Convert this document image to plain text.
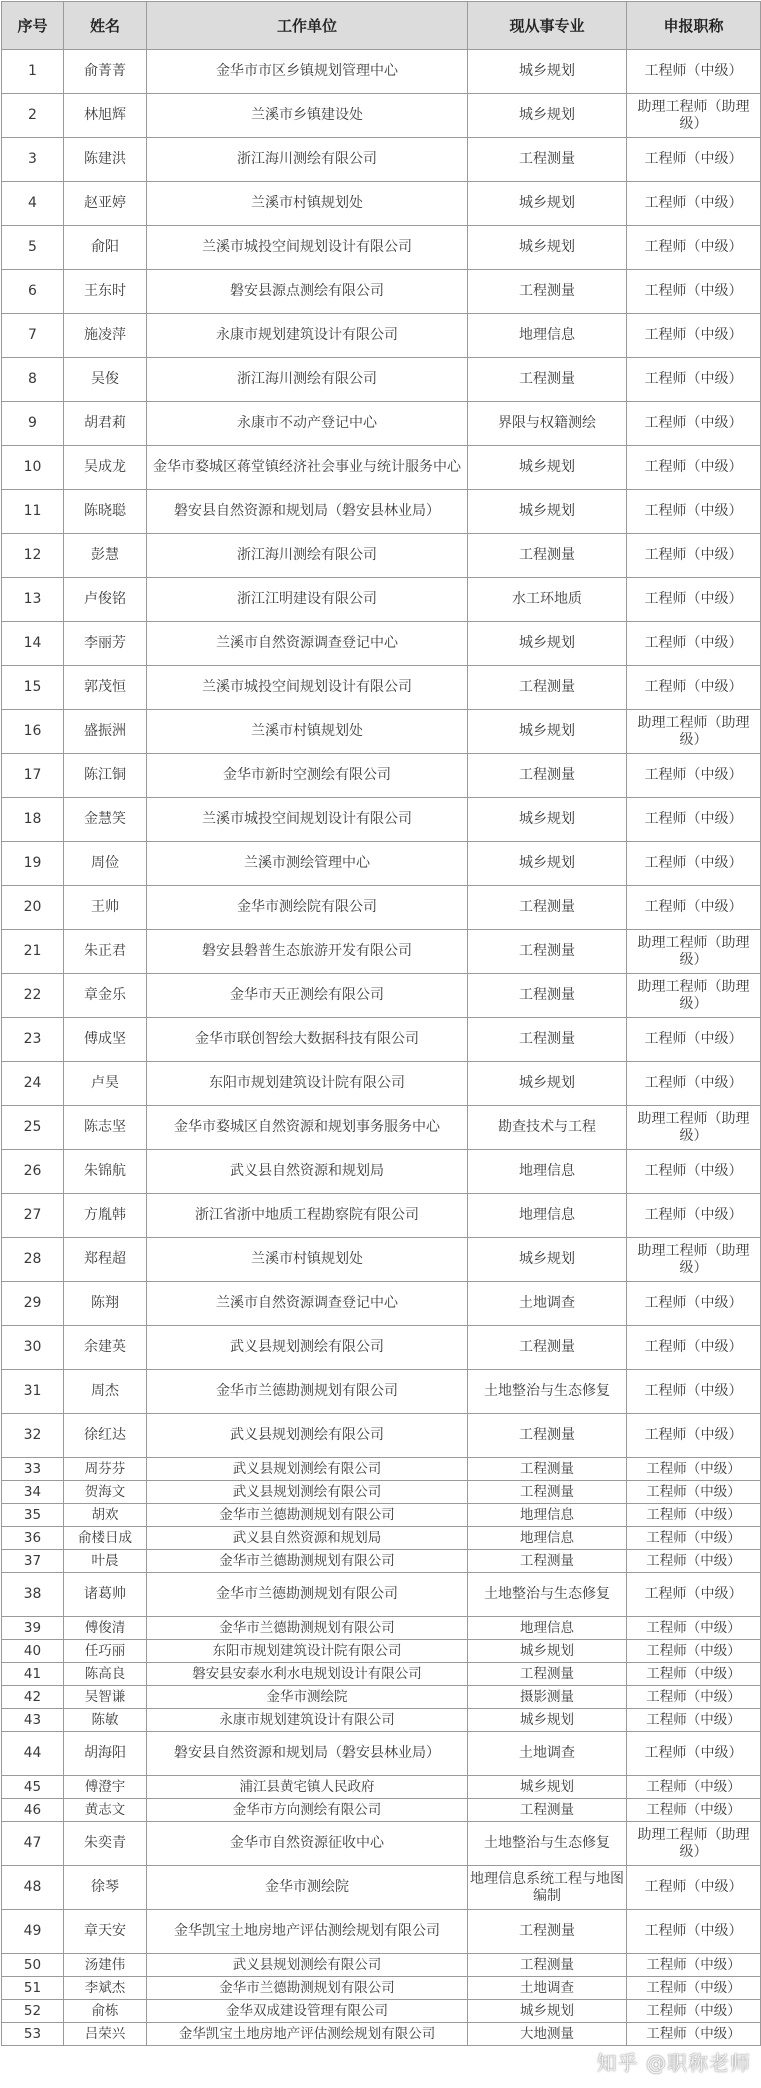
序号	姓名	工作单位	现从事专业	申报职称
1	俞菁菁	金华市市区乡镇规划管理中心	城乡规划	工程师（中级）
2	林旭辉	兰溪市乡镇建设处	城乡规划	助理工程师（助理级）
3	陈建洪	浙江海川测绘有限公司	工程测量	工程师（中级）
4	赵亚婷	兰溪市村镇规划处	城乡规划	工程师（中级）
5	俞阳	兰溪市城投空间规划设计有限公司	城乡规划	工程师（中级）
6	王东时	磐安县源点测绘有限公司	工程测量	工程师（中级）
7	施凌萍	永康市规划建筑设计有限公司	地理信息	工程师（中级）
8	吴俊	浙江海川测绘有限公司	工程测量	工程师（中级）
9	胡君莉	永康市不动产登记中心	界限与权籍测绘	工程师（中级）
10	吴成龙	金华市婺城区蒋堂镇经济社会事业与统计服务中心	城乡规划	工程师（中级）
11	陈晓聪	磐安县自然资源和规划局（磐安县林业局）	城乡规划	工程师（中级）
12	彭慧	浙江海川测绘有限公司	工程测量	工程师（中级）
13	卢俊铭	浙江江明建设有限公司	水工环地质	工程师（中级）
14	李丽芳	兰溪市自然资源调查登记中心	城乡规划	工程师（中级）
15	郭茂恒	兰溪市城投空间规划设计有限公司	工程测量	工程师（中级）
16	盛振洲	兰溪市村镇规划处	城乡规划	助理工程师（助理级）
17	陈江铜	金华市新时空测绘有限公司	工程测量	工程师（中级）
18	金慧笑	兰溪市城投空间规划设计有限公司	城乡规划	工程师（中级）
19	周俭	兰溪市测绘管理中心	城乡规划	工程师（中级）
20	王帅	金华市测绘院有限公司	工程测量	工程师（中级）
21	朱正君	磐安县磐普生态旅游开发有限公司	工程测量	助理工程师（助理级）
22	章金乐	金华市天正测绘有限公司	工程测量	助理工程师（助理级）
23	傅成坚	金华市联创智绘大数据科技有限公司	工程测量	工程师（中级）
24	卢昊	东阳市规划建筑设计院有限公司	城乡规划	工程师（中级）
25	陈志坚	金华市婺城区自然资源和规划事务服务中心	勘查技术与工程	助理工程师（助理级）
26	朱锦航	武义县自然资源和规划局	地理信息	工程师（中级）
27	方胤韩	浙江省浙中地质工程勘察院有限公司	地理信息	工程师（中级）
28	郑程超	兰溪市村镇规划处	城乡规划	助理工程师（助理级）
29	陈翔	兰溪市自然资源调查登记中心	土地调查	工程师（中级）
30	余建英	武义县规划测绘有限公司	工程测量	工程师（中级）
31	周杰	金华市兰德勘测规划有限公司	土地整治与生态修复	工程师（中级）
32	徐红达	武义县规划测绘有限公司	工程测量	工程师（中级）
33	周芬芬	武义县规划测绘有限公司	工程测量	工程师（中级）
34	贺海文	武义县规划测绘有限公司	工程测量	工程师（中级）
35	胡欢	金华市兰德勘测规划有限公司	地理信息	工程师（中级）
36	俞楼日成	武义县自然资源和规划局	地理信息	工程师（中级）
37	叶晨	金华市兰德勘测规划有限公司	工程测量	工程师（中级）
38	诸葛帅	金华市兰德勘测规划有限公司	土地整治与生态修复	工程师（中级）
39	傅俊清	金华市兰德勘测规划有限公司	地理信息	工程师（中级）
40	任巧丽	东阳市规划建筑设计院有限公司	城乡规划	工程师（中级）
41	陈高良	磐安县安泰水利水电规划设计有限公司	工程测量	工程师（中级）
42	吴智谦	金华市测绘院	摄影测量	工程师（中级）
43	陈敏	永康市规划建筑设计有限公司	城乡规划	工程师（中级）
44	胡海阳	磐安县自然资源和规划局（磐安县林业局）	土地调查	工程师（中级）
45	傅澄宇	浦江县黄宅镇人民政府	城乡规划	工程师（中级）
46	黄志文	金华市方向测绘有限公司	工程测量	工程师（中级）
47	朱奕青	金华市自然资源征收中心	土地整治与生态修复	助理工程师（助理级）
48	徐琴	金华市测绘院	地理信息系统工程与地图编制	工程师（中级）
49	章天安	金华凯宝土地房地产评估测绘规划有限公司	工程测量	工程师（中级）
50	汤建伟	武义县规划测绘有限公司	工程测量	工程师（中级）
51	李斌杰	金华市兰德勘测规划有限公司	土地调查	工程师（中级）
52	俞栋	金华双成建设管理有限公司	城乡规划	工程师（中级）
53	吕荣兴	金华凯宝土地房地产评估测绘规划有限公司	大地测量	工程师（中级）
知乎 @职称老师
